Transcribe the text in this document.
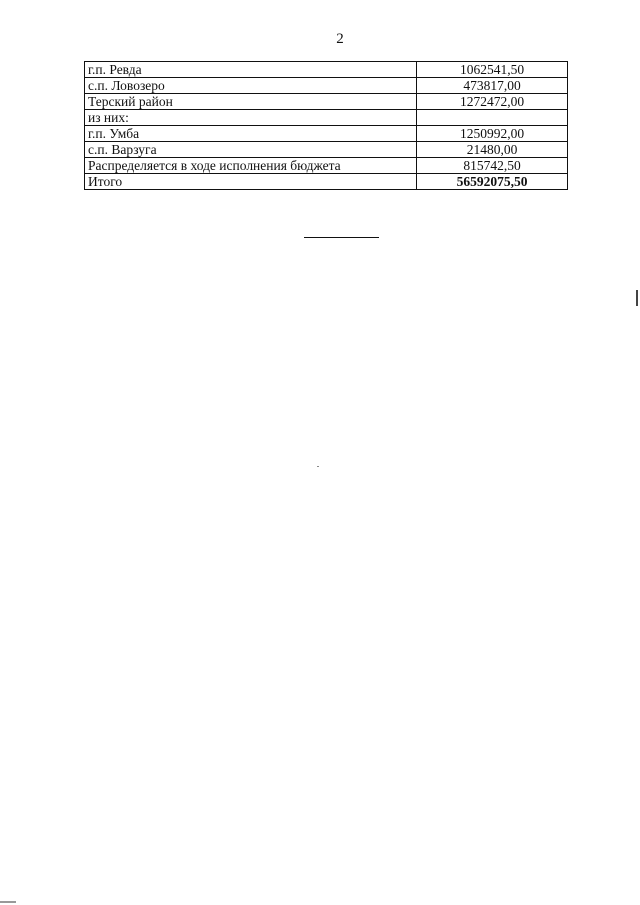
2
г.п. Ревда	1062541,50
с.п. Ловозеро	473817,00
Терский район	1272472,00
из них:	
г.п. Умба	1250992,00
с.п. Варзуга	21480,00
Распределяется в ходе исполнения бюджета	815742,50
Итого	56592075,50
